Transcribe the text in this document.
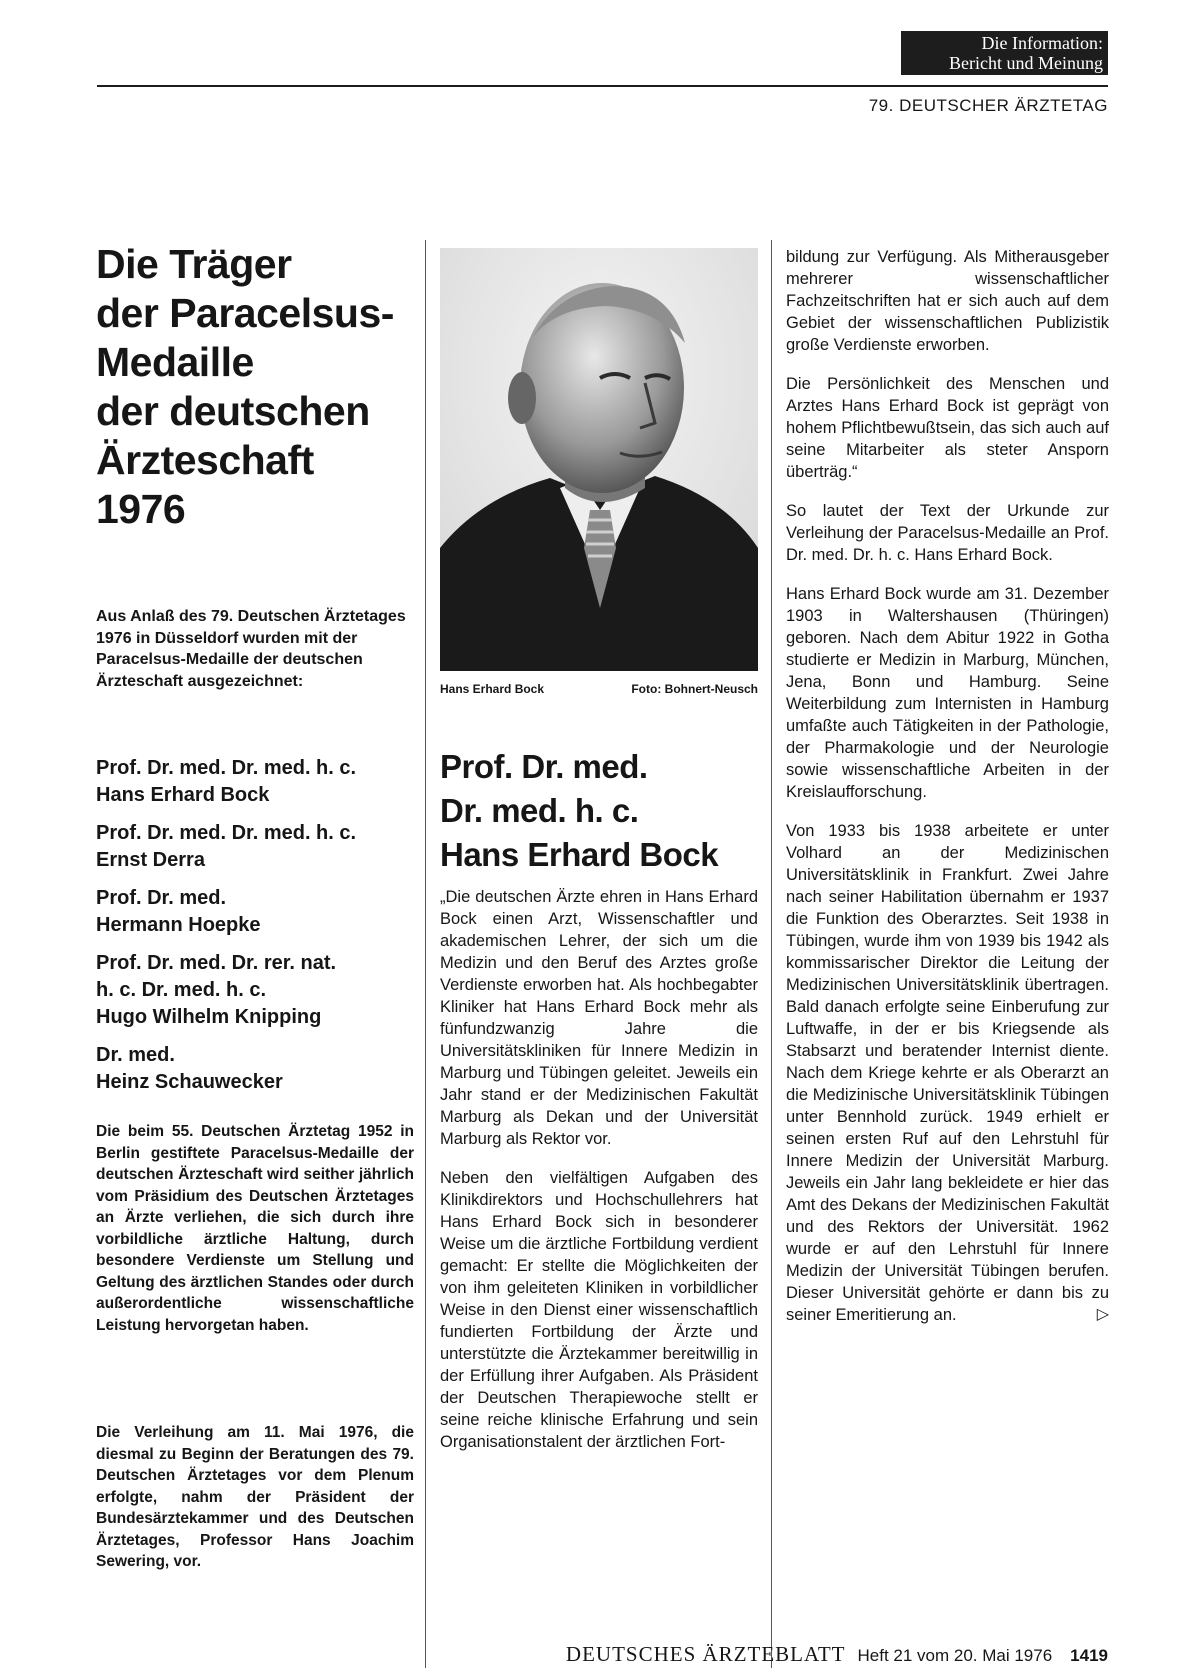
Die Information:
Bericht und Meinung
79. DEUTSCHER ÄRZTETAG
Die Träger
der Paracelsus-
Medaille
der deutschen
Ärzteschaft
1976
Aus Anlaß des 79. Deutschen Ärztetages 1976 in Düsseldorf wurden mit der Paracelsus-Medaille der deutschen Ärzteschaft ausgezeichnet:
Prof. Dr. med. Dr. med. h. c.
Hans Erhard Bock
Prof. Dr. med. Dr. med. h. c.
Ernst Derra
Prof. Dr. med.
Hermann Hoepke
Prof. Dr. med. Dr. rer. nat.
h. c. Dr. med. h. c.
Hugo Wilhelm Knipping
Dr. med.
Heinz Schauwecker
Die beim 55. Deutschen Ärztetag 1952 in Berlin gestiftete Paracelsus-Medaille der deutschen Ärzteschaft wird seither jährlich vom Präsidium des Deutschen Ärztetages an Ärzte verliehen, die sich durch ihre vorbildliche ärztliche Haltung, durch besondere Verdienste um Stellung und Geltung des ärztlichen Standes oder durch außerordentliche wissenschaftliche Leistung hervorgetan haben.
Die Verleihung am 11. Mai 1976, die diesmal zu Beginn der Beratungen des 79. Deutschen Ärztetages vor dem Plenum erfolgte, nahm der Präsident der Bundesärztekammer und des Deutschen Ärztetages, Professor Hans Joachim Sewering, vor.
Hans Erhard Bock	Foto: Bohnert-Neusch
Prof. Dr. med.
Dr. med. h. c.
Hans Erhard Bock

„Die deutschen Ärzte ehren in Hans Erhard Bock einen Arzt, Wissenschaftler und akademischen Lehrer, der sich um die Medizin und den Beruf des Arztes große Verdienste erworben hat. Als hochbegabter Kliniker hat Hans Erhard Bock mehr als fünfundzwanzig Jahre die Universitätskliniken für Innere Medizin in Marburg und Tübingen geleitet. Jeweils ein Jahr stand er der Medizinischen Fakultät Marburg als Dekan und der Universität Marburg als Rektor vor.

Neben den vielfältigen Aufgaben des Klinikdirektors und Hochschullehrers hat Hans Erhard Bock sich in besonderer Weise um die ärztliche Fortbildung verdient gemacht: Er stellte die Möglichkeiten der von ihm geleiteten Kliniken in vorbildlicher Weise in den Dienst einer wissenschaftlich fundierten Fortbildung der Ärzte und unterstützte die Ärztekammer bereitwillig in der Erfüllung ihrer Aufgaben. Als Präsident der Deutschen Therapiewoche stellt er seine reiche klinische Erfahrung und sein Organisationstalent der ärztlichen Fort-

bildung zur Verfügung. Als Mitherausgeber mehrerer wissenschaftlicher Fachzeitschriften hat er sich auch auf dem Gebiet der wissenschaftlichen Publizistik große Verdienste erworben.

Die Persönlichkeit des Menschen und Arztes Hans Erhard Bock ist geprägt von hohem Pflichtbewußtsein, das sich auch auf seine Mitarbeiter als steter Ansporn überträg.“

So lautet der Text der Urkunde zur Verleihung der Paracelsus-Medaille an Prof. Dr. med. Dr. h. c. Hans Erhard Bock.

Hans Erhard Bock wurde am 31. Dezember 1903 in Waltershausen (Thüringen) geboren. Nach dem Abitur 1922 in Gotha studierte er Medizin in Marburg, München, Jena, Bonn und Hamburg. Seine Weiterbildung zum Internisten in Hamburg umfaßte auch Tätigkeiten in der Pathologie, der Pharmakologie und der Neurologie sowie wissenschaftliche Arbeiten in der Kreislaufforschung.

Von 1933 bis 1938 arbeitete er unter Volhard an der Medizinischen Universitätsklinik in Frankfurt. Zwei Jahre nach seiner Habilitation übernahm er 1937 die Funktion des Oberarztes. Seit 1938 in Tübingen, wurde ihm von 1939 bis 1942 als kommissarischer Direktor die Leitung der Medizinischen Universitätsklinik übertragen. Bald danach erfolgte seine Einberufung zur Luftwaffe, in der er bis Kriegsende als Stabsarzt und beratender Internist diente. Nach dem Kriege kehrte er als Oberarzt an die Medizinische Universitätsklinik Tübingen unter Bennhold zurück. 1949 erhielt er seinen ersten Ruf auf den Lehrstuhl für Innere Medizin der Universität Marburg. Jeweils ein Jahr lang bekleidete er hier das Amt des Dekans der Medizinischen Fakultät und des Rektors der Universität. 1962 wurde er auf den Lehrstuhl für Innere Medizin der Universität Tübingen berufen. Dieser Universität gehörte er dann bis zu seiner Emeritierung an.	▷

DEUTSCHES ÄRZTEBLATT Heft 21 vom 20. Mai 1976 1419
